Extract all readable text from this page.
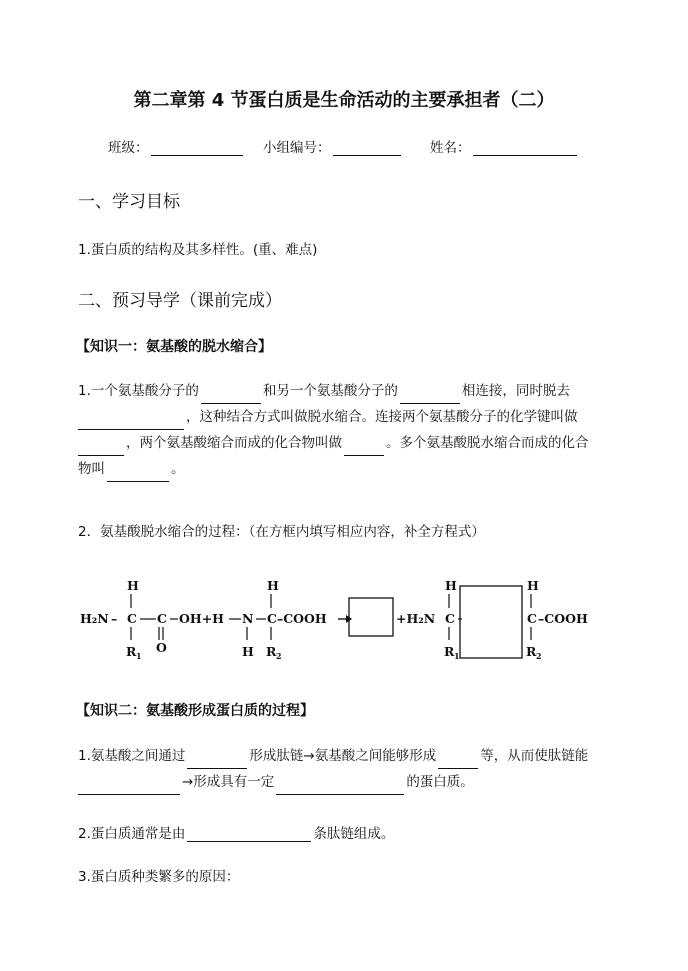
第二章第 4 节蛋白质是生命活动的主要承担者（二）
班级：	小组编号：	姓名：
一、学习目标
1.蛋白质的结构及其多样性。(重、难点)
二、预习导学（课前完成）
【知识一：氨基酸的脱水缩合】

1.一个氨基酸分子的	和另一个氨基酸分子的	相连接，同时脱去

，这种结合方式叫做脱水缩合。连接两个氨基酸分子的化学键叫做

，两个氨基酸缩合而成的化合物叫做	。多个氨基酸脱水缩合而成的化合

物叫	。

2．氨基酸脱水缩合的过程：（在方框内填写相应内容，补全方程式）
H
H₂N – C C OH+H
R 1
O
N
H
H
C–COOH
R 2
+H₂N
H
C
R 1
H
C –COOH
R 2
【知识二：氨基酸形成蛋白质的过程】

1.氨基酸之间通过	形成肽链→氨基酸之间能够形成	等，从而使肽链能

→形成具有一定	的蛋白质。

2.蛋白质通常是由	条肽链组成。
3.蛋白质种类繁多的原因：
